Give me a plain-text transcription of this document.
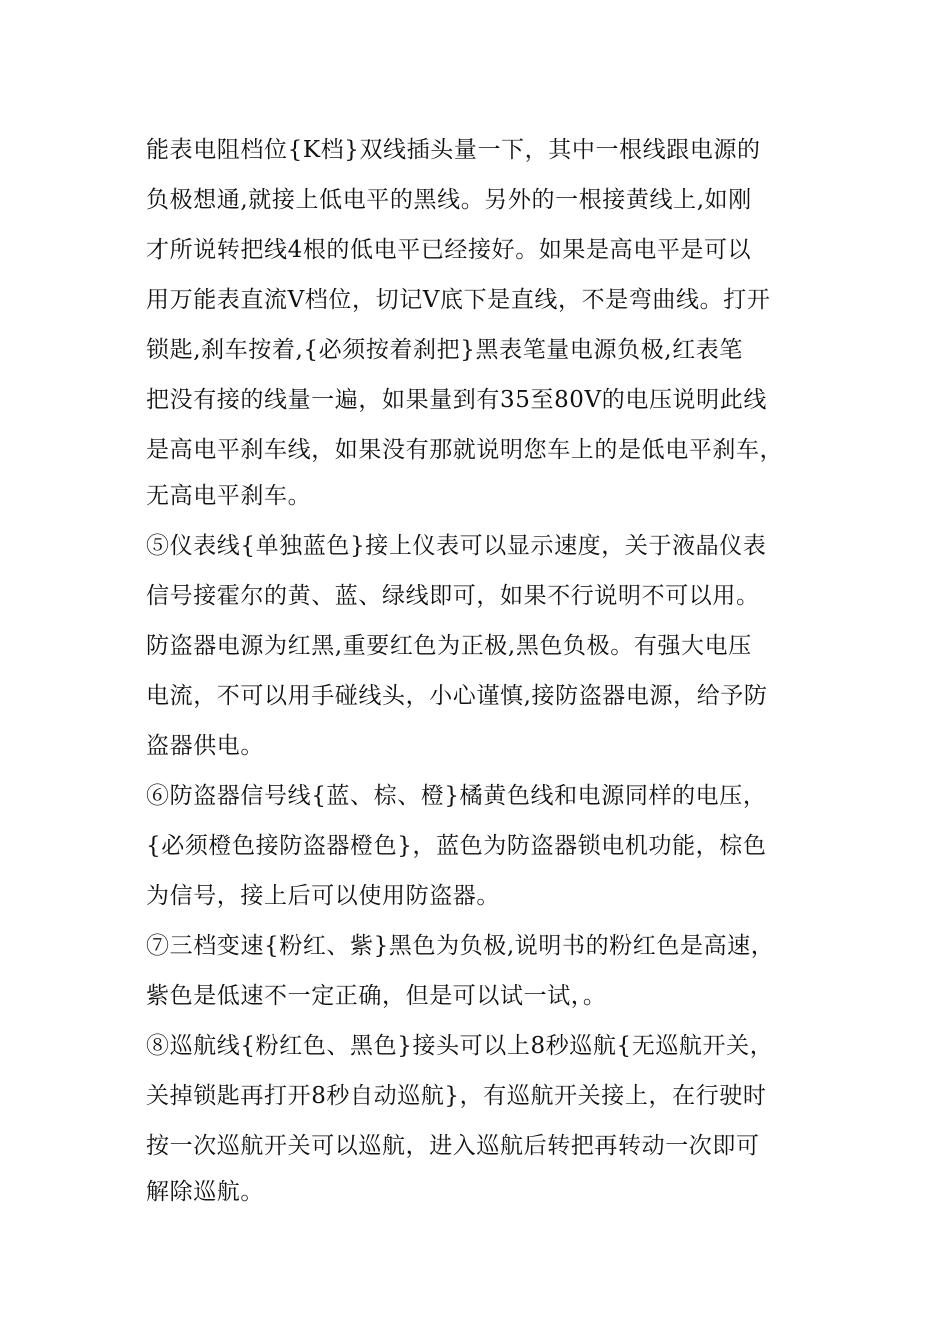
能表电阻档位{K档}双线插头量一下，其中一根线跟电源的
负极想通,就接上低电平的黑线。另外的一根接黄线上,如刚
才所说转把线4根的低电平已经接好。如果是高电平是可以
用万能表直流V档位，切记V底下是直线，不是弯曲线。打开
锁匙,刹车按着,{必须按着刹把}黑表笔量电源负极,红表笔
把没有接的线量一遍，如果量到有35至80V的电压说明此线
是高电平刹车线，如果没有那就说明您车上的是低电平刹车，
无高电平刹车。
⑤仪表线{单独蓝色}接上仪表可以显示速度，关于液晶仪表
信号接霍尔的黄、蓝、绿线即可，如果不行说明不可以用。
防盗器电源为红黑,重要红色为正极,黑色负极。有强大电压
电流，不可以用手碰线头，小心谨慎,接防盗器电源，给予防
盗器供电。
⑥防盗器信号线{蓝、棕、橙}橘黄色线和电源同样的电压，
{必须橙色接防盗器橙色}，蓝色为防盗器锁电机功能，棕色
为信号，接上后可以使用防盗器。
⑦三档变速{粉红、紫}黑色为负极,说明书的粉红色是高速，
紫色是低速不一定正确，但是可以试一试，。
⑧巡航线{粉红色、黑色}接头可以上8秒巡航{无巡航开关，
关掉锁匙再打开8秒自动巡航}，有巡航开关接上，在行驶时
按一次巡航开关可以巡航，进入巡航后转把再转动一次即可
解除巡航。
